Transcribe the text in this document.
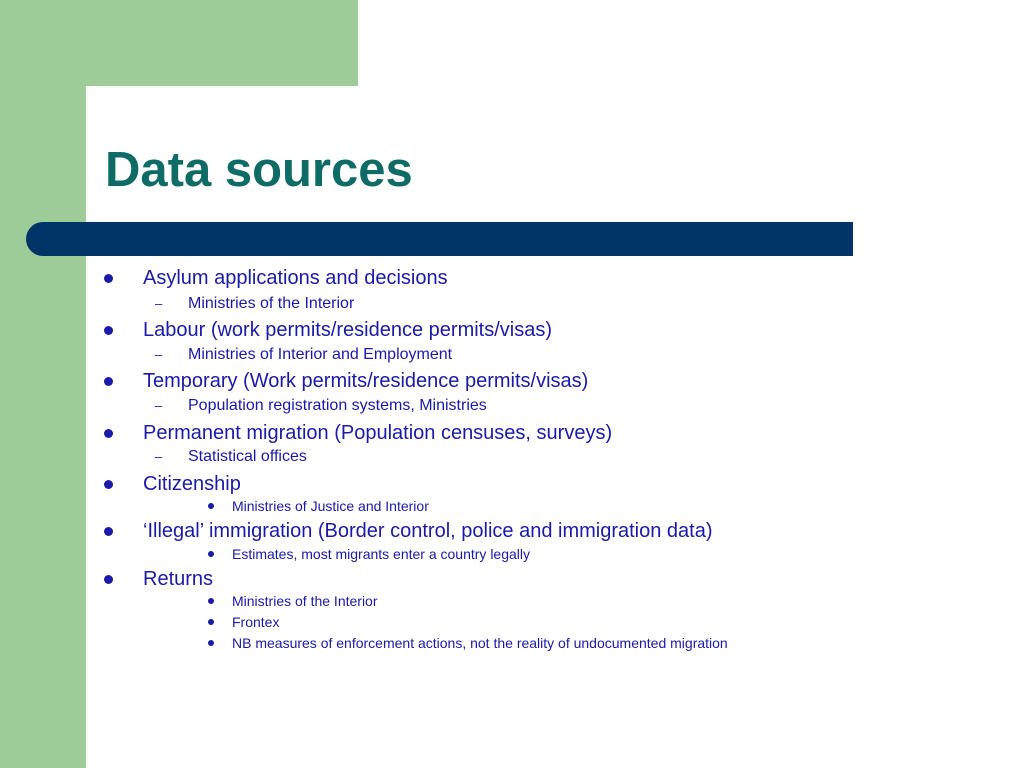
Data sources
Asylum applications and decisions
– Ministries of the Interior
Labour (work permits/residence permits/visas)
– Ministries of Interior and Employment
Temporary (Work permits/residence permits/visas)
– Population registration systems, Ministries
Permanent migration (Population censuses, surveys)
– Statistical offices
Citizenship
Ministries of Justice and Interior
‘Illegal’ immigration (Border control, police and immigration data)
Estimates, most migrants enter a country legally
Returns
Ministries of the Interior
Frontex
NB measures of enforcement actions, not the reality of undocumented migration
